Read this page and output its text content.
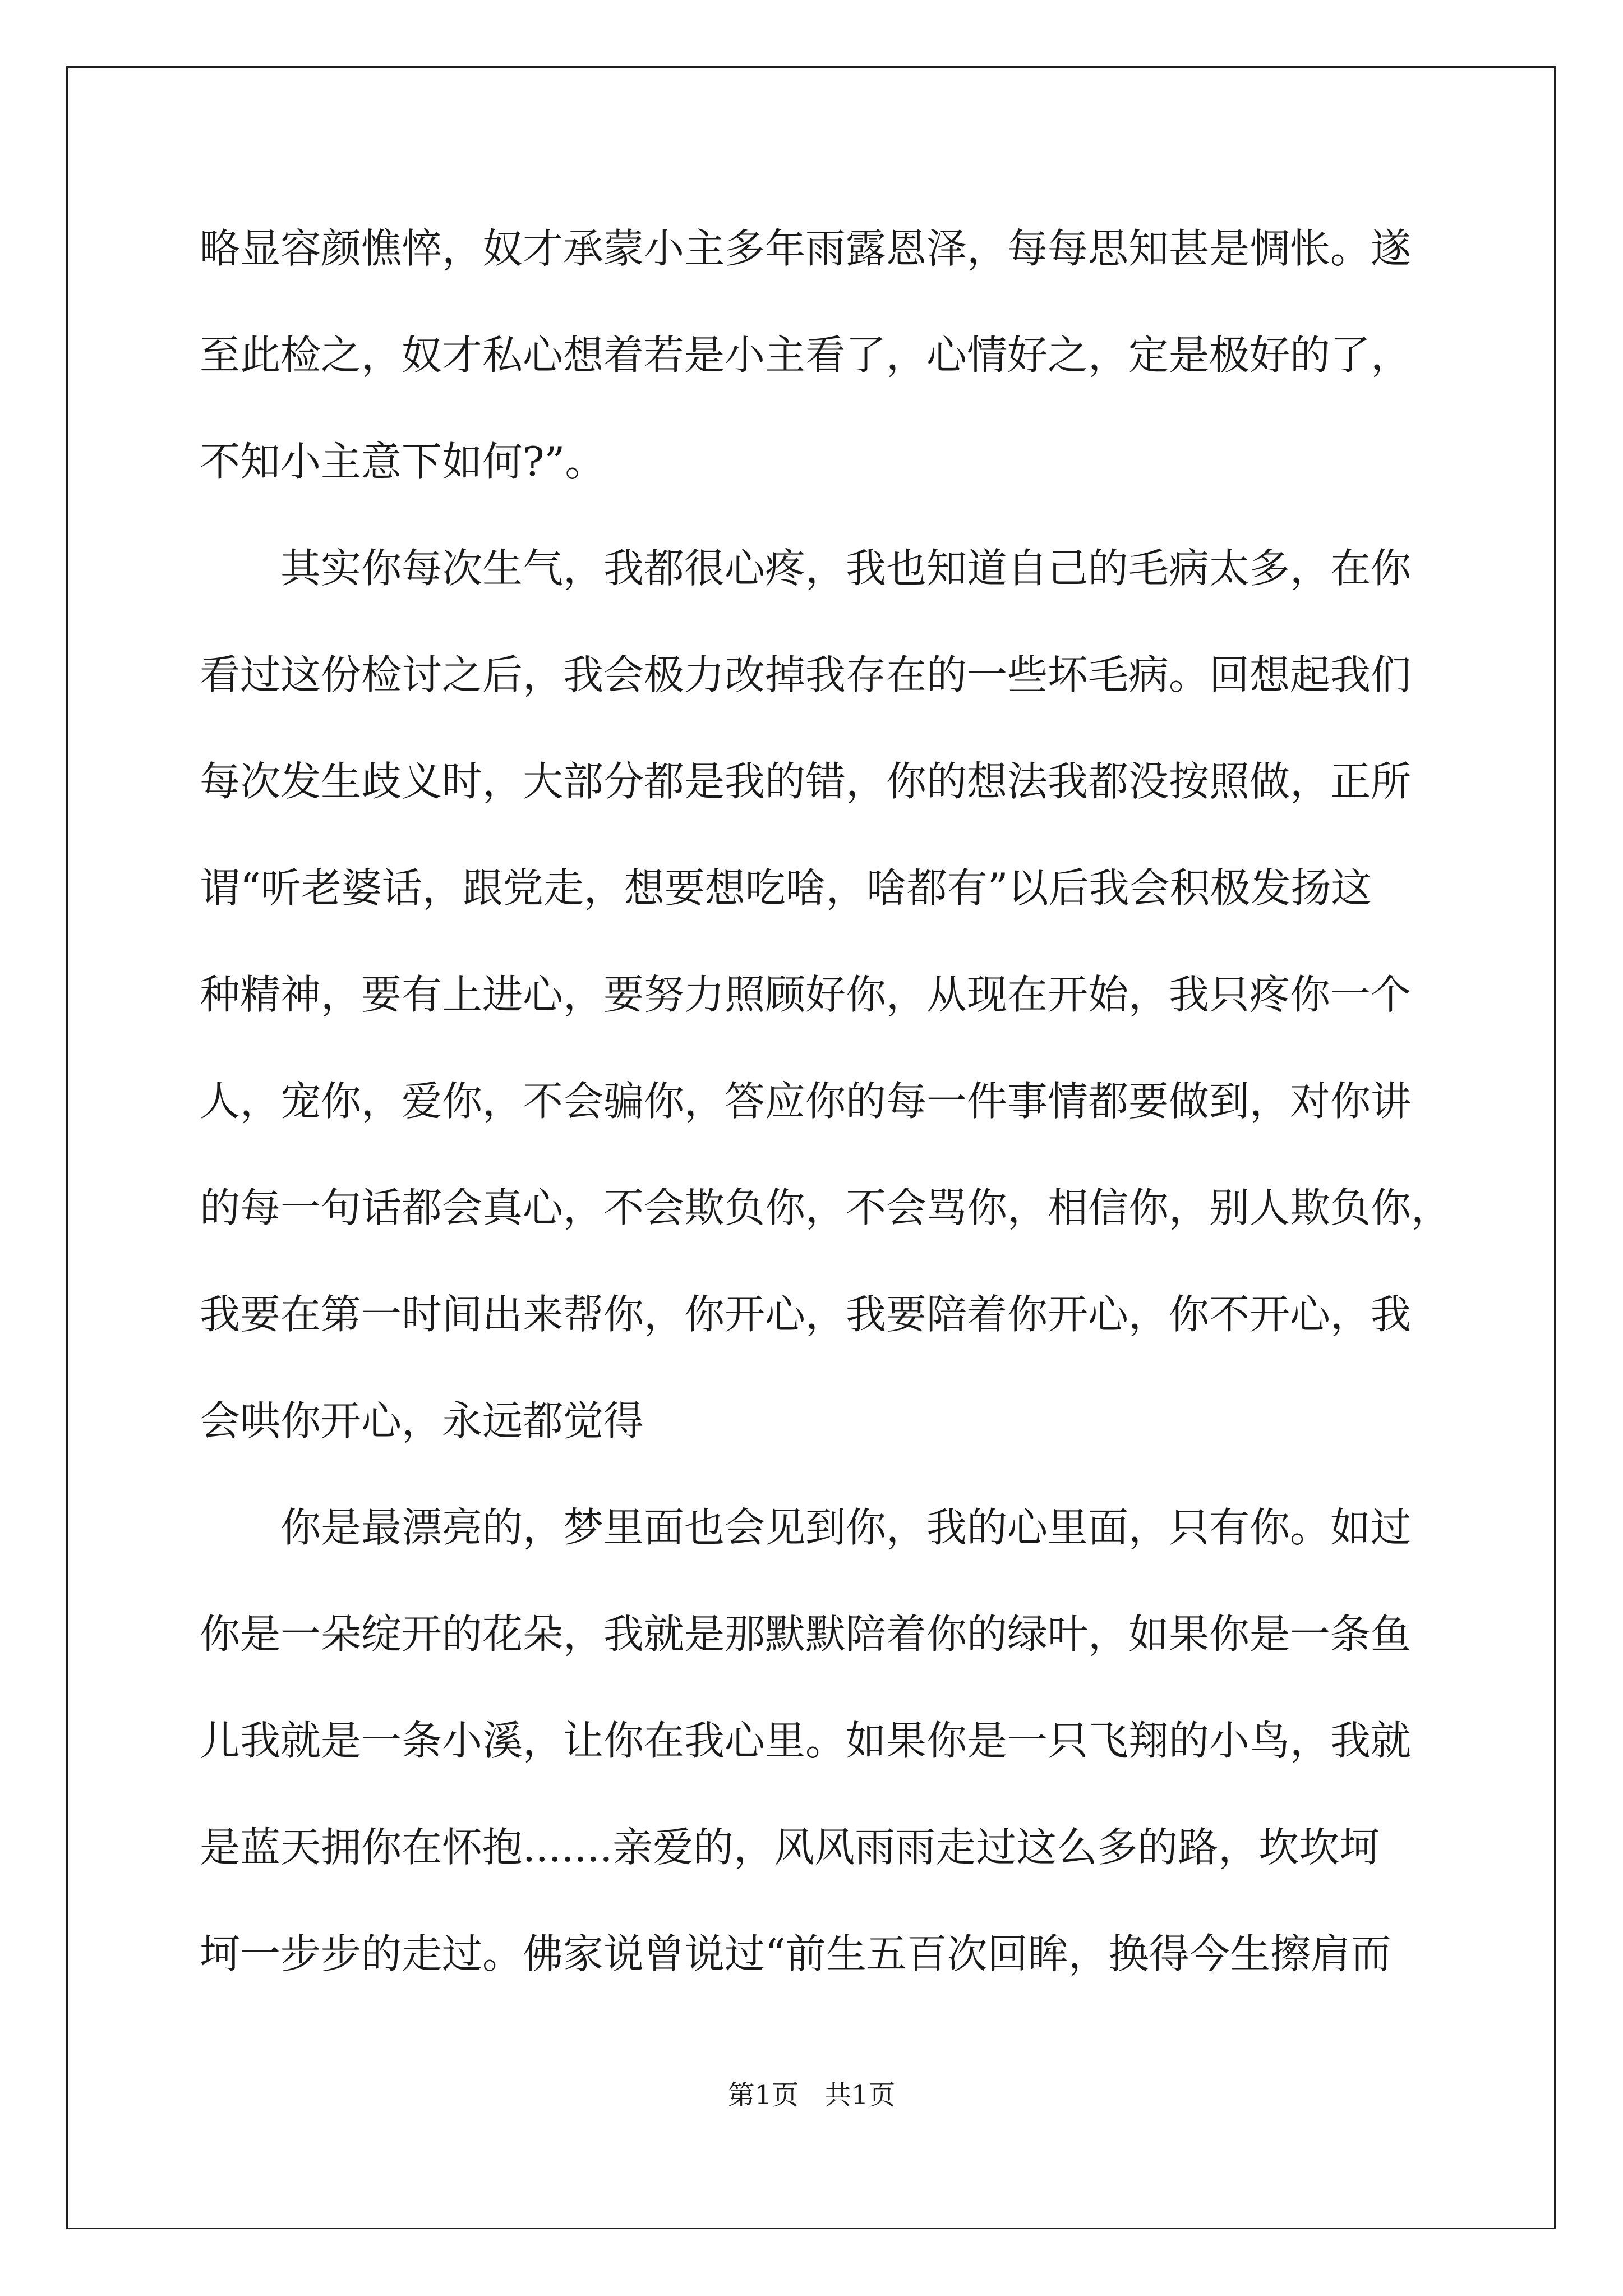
略显容颜憔悴，奴才承蒙小主多年雨露恩泽，每每思知甚是惆怅。遂
至此检之，奴才私心想着若是小主看了，心情好之，定是极好的了，
不知小主意下如何?”。
其实你每次生气，我都很心疼，我也知道自己的毛病太多，在你
看过这份检讨之后，我会极力改掉我存在的一些坏毛病。回想起我们
每次发生歧义时，大部分都是我的错，你的想法我都没按照做，正所
谓“听老婆话，跟党走，想要想吃啥，啥都有”以后我会积极发扬这
种精神，要有上进心，要努力照顾好你，从现在开始，我只疼你一个
人，宠你，爱你，不会骗你，答应你的每一件事情都要做到，对你讲
的每一句话都会真心，不会欺负你，不会骂你，相信你，别人欺负你，
我要在第一时间出来帮你，你开心，我要陪着你开心，你不开心，我
会哄你开心，永远都觉得
你是最漂亮的，梦里面也会见到你，我的心里面，只有你。如过
你是一朵绽开的花朵，我就是那默默陪着你的绿叶，如果你是一条鱼
儿我就是一条小溪，让你在我心里。如果你是一只飞翔的小鸟，我就
是蓝天拥你在怀抱.......亲爱的，风风雨雨走过这么多的路，坎坎坷
坷一步步的走过。佛家说曾说过“前生五百次回眸，换得今生擦肩而
第1页   共1页
